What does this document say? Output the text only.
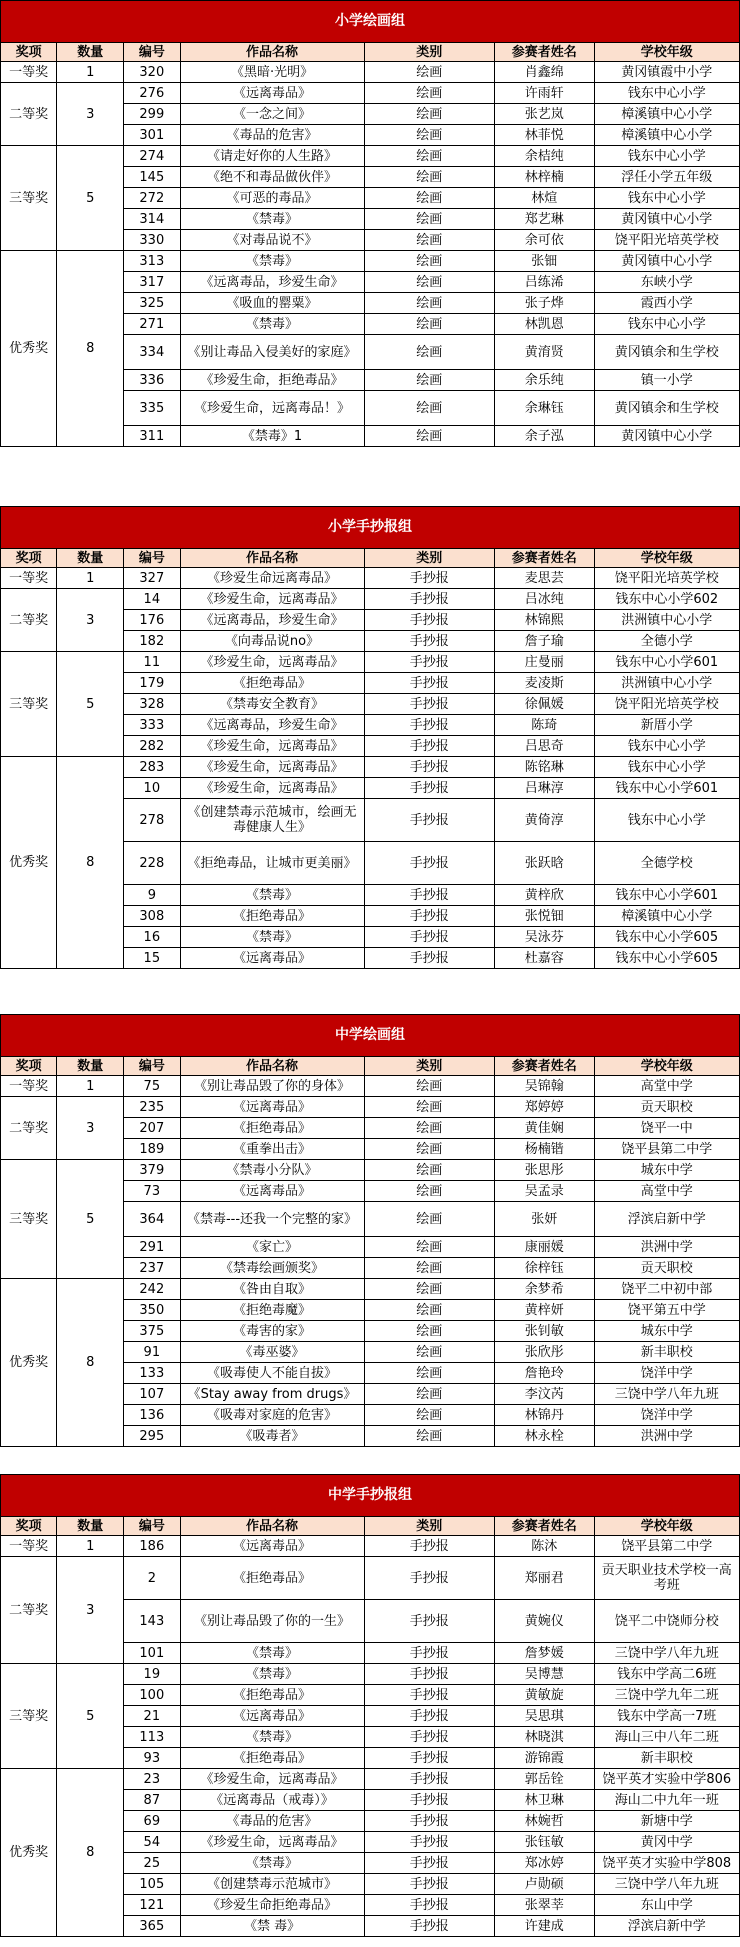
小学绘画组						
奖项	数量	编号	作品名称	类别	参赛者姓名	学校年级
一等奖	1	320	《黑暗·光明》	绘画	肖鑫绵	黄冈镇霞中小学
二等奖	3	276	《远离毒品》	绘画	许雨轩	钱东中心小学
		299	《一念之间》	绘画	张艺岚	樟溪镇中心小学
		301	《毒品的危害》	绘画	林菲悦	樟溪镇中心小学
三等奖	5	274	《请走好你的人生路》	绘画	余桔纯	钱东中心小学
		145	《绝不和毒品做伙伴》	绘画	林梓楠	浮任小学五年级
		272	《可恶的毒品》	绘画	林煊	钱东中心小学
		314	《禁毒》	绘画	郑艺琳	黄冈镇中心小学
		330	《对毒品说不》	绘画	余可依	饶平阳光培英学校
优秀奖	8	313	《禁毒》	绘画	张钿	黄冈镇中心小学
		317	《远离毒品，珍爱生命》	绘画	吕练浠	东峡小学
		325	《吸血的罂粟》	绘画	张子烨	霞西小学
		271	《禁毒》	绘画	林凯恩	钱东中心小学
		334	《别让毒品入侵美好的家庭》	绘画	黄淯贤	黄冈镇余和生学校
		336	《珍爱生命，拒绝毒品》	绘画	余乐纯	镇一小学
		335	《珍爱生命，远离毒品！》	绘画	余琳钰	黄冈镇余和生学校
		311	《禁毒》1	绘画	余子泓	黄冈镇中心小学
小学手抄报组						
奖项	数量	编号	作品名称	类别	参赛者姓名	学校年级
一等奖	1	327	《珍爱生命远离毒品》	手抄报	麦思芸	饶平阳光培英学校
二等奖	3	14	《珍爱生命，远离毒品》	手抄报	吕冰纯	钱东中心小学602
		176	《远离毒品，珍爱生命》	手抄报	林锦熙	洪洲镇中心小学
		182	《向毒品说no》	手抄报	詹子瑜	全德小学
三等奖	5	11	《珍爱生命，远离毒品》	手抄报	庄曼丽	钱东中心小学601
		179	《拒绝毒品》	手抄报	麦凌斯	洪洲镇中心小学
		328	《禁毒安全教育》	手抄报	徐佩媛	饶平阳光培英学校
		333	《远离毒品，珍爱生命》	手抄报	陈琦	新厝小学
		282	《珍爱生命，远离毒品》	手抄报	吕思奇	钱东中心小学
优秀奖	8	283	《珍爱生命，远离毒品》	手抄报	陈铭琳	钱东中心小学
		10	《珍爱生命，远离毒品》	手抄报	吕琳淳	钱东中心小学601
		278	《创建禁毒示范城市，绘画无毒健康人生》	手抄报	黄倚淳	钱东中心小学
		228	《拒绝毒品，让城市更美丽》	手抄报	张跃晗	全德学校
		9	《禁毒》	手抄报	黄梓欣	钱东中心小学601
		308	《拒绝毒品》	手抄报	张悦钿	樟溪镇中心小学
		16	《禁毒》	手抄报	吴泳芬	钱东中心小学605
		15	《远离毒品》	手抄报	杜嘉容	钱东中心小学605
中学绘画组						
奖项	数量	编号	作品名称	类别	参赛者姓名	学校年级
一等奖	1	75	《别让毒品毁了你的身体》	绘画	吴锦翰	高堂中学
二等奖	3	235	《远离毒品》	绘画	郑婷婷	贡天职校
		207	《拒绝毒品》	绘画	黄佳娴	饶平一中
		189	《重拳出击》	绘画	杨楠锴	饶平县第二中学
三等奖	5	379	《禁毒小分队》	绘画	张思彤	城东中学
		73	《远离毒品》	绘画	吴孟录	高堂中学
		364	《禁毒---还我一个完整的家》	绘画	张妍	浮滨启新中学
		291	《家亡》	绘画	康丽媛	洪洲中学
		237	《禁毒绘画颁奖》	绘画	徐梓钰	贡天职校
优秀奖	8	242	《咎由自取》	绘画	余梦希	饶平二中初中部
		350	《拒绝毒魔》	绘画	黄梓妍	饶平第五中学
		375	《毒害的家》	绘画	张钊敏	城东中学
		91	《毒巫婆》	绘画	张欣彤	新丰职校
		133	《吸毒使人不能自拔》	绘画	詹艳玲	饶洋中学
		107	《Stay away from drugs》	绘画	李汶芮	三饶中学八年九班
		136	《吸毒对家庭的危害》	绘画	林锦丹	饶洋中学
		295	《吸毒者》	绘画	林永栓	洪洲中学
中学手抄报组						
奖项	数量	编号	作品名称	类别	参赛者姓名	学校年级
一等奖	1	186	《远离毒品》	手抄报	陈沐	饶平县第二中学
二等奖	3	2	《拒绝毒品》	手抄报	郑丽君	贡天职业技术学校一高考班
		143	《别让毒品毁了你的一生》	手抄报	黄婉仪	饶平二中饶师分校
		101	《禁毒》	手抄报	詹梦媛	三饶中学八年九班
三等奖	5	19	《禁毒》	手抄报	吴博慧	钱东中学高二6班
		100	《拒绝毒品》	手抄报	黄敏旋	三饶中学九年二班
		21	《远离毒品》	手抄报	吴思琪	钱东中学高一7班
		113	《禁毒》	手抄报	林晓淇	海山三中八年二班
		93	《拒绝毒品》	手抄报	游锦霞	新丰职校
优秀奖	8	23	《珍爱生命，远离毒品》	手抄报	郭岳铨	饶平英才实验中学806
		87	《远离毒品（戒毒）》	手抄报	林卫琳	海山二中九年一班
		69	《毒品的危害》	手抄报	林婉哲	新塘中学
		54	《珍爱生命，远离毒品》	手抄报	张钰敏	黄冈中学
		25	《禁毒》	手抄报	郑冰婷	饶平英才实验中学808
		105	《创建禁毒示范城市》	手抄报	卢勋硕	三饶中学八年九班
		121	《珍爱生命拒绝毒品》	手抄报	张翠莘	东山中学
		365	《禁 毒》	手抄报	许建成	浮滨启新中学
